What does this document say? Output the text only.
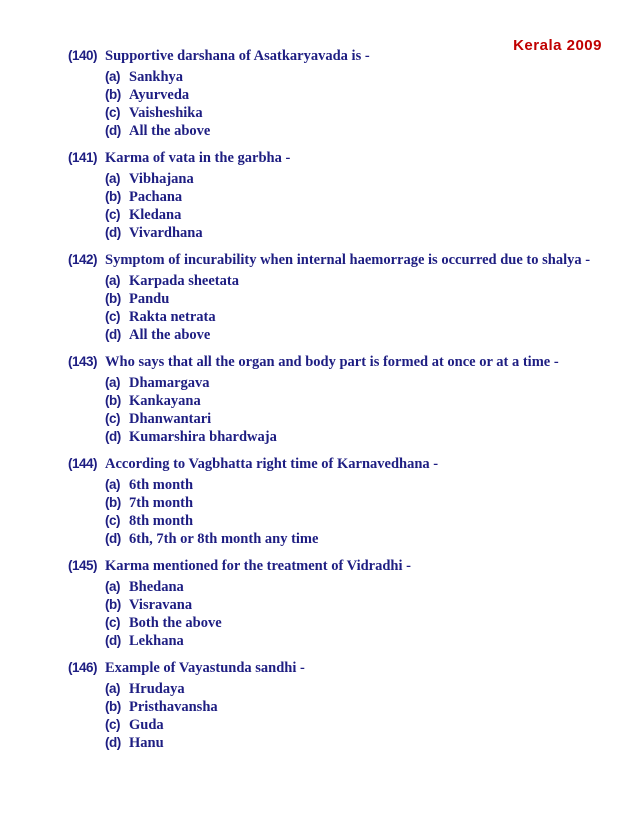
Kerala 2009
(140) Supportive darshana of Asatkaryavada is -
(a) Sankhya
(b) Ayurveda
(c) Vaisheshika
(d) All the above
(141) Karma of vata in the garbha -
(a) Vibhajana
(b) Pachana
(c) Kledana
(d) Vivardhana
(142) Symptom of incurability when internal haemorrage is occurred due to shalya -
(a) Karpada sheetata
(b) Pandu
(c) Rakta netrata
(d) All the above
(143) Who says that all the organ and body part is formed at once or at a time -
(a) Dhamargava
(b) Kankayana
(c) Dhanwantari
(d) Kumarshira bhardwaja
(144) According to Vagbhatta right time of Karnavedhana -
(a) 6th month
(b) 7th month
(c) 8th month
(d) 6th, 7th or 8th month any time
(145) Karma mentioned for the treatment of Vidradhi -
(a) Bhedana
(b) Visravana
(c) Both the above
(d) Lekhana
(146) Example of Vayastunda sandhi -
(a) Hrudaya
(b) Pristhavansha
(c) Guda
(d) Hanu
